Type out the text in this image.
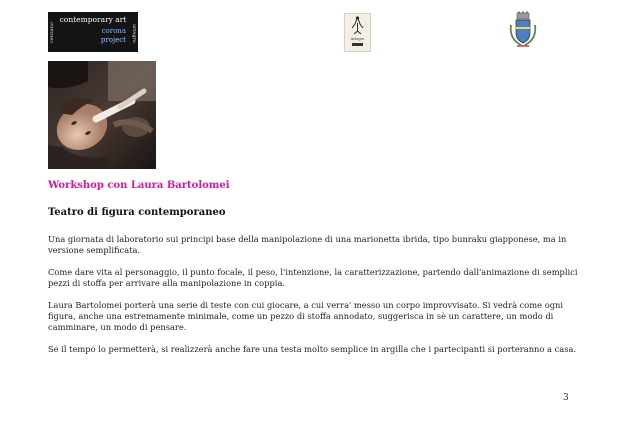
cenzano
contemporary art
corona
project artegro	Artegro
Workshop con Laura Bartolomei
Teatro di figura contemporaneo

Una giornata di laboratorio sui principi base della manipolazione di una marionetta ibrida, tipo bunraku giapponese, ma in versione semplificata.

Come dare vita al personaggio, il punto focale, il peso, l'intenzione, la caratterizzazione, partendo dall'animazione di semplici pezzi di stoffa per arrivare alla manipolazione in coppia.

Laura Bartolomei porterà una serie di teste con cui giocare, a cui verra' messo un corpo improvvisato. Si vedrà come ogni figura, anche una estremamente minimale, come un pezzo di stoffa annodato, suggerisca in sè un carattere, un modo di camminare, un modo di pensare.

Se il tempo lo permetterà, si realizzerà anche fare una testa molto semplice in argilla che i partecipanti si porteranno a casa.

3
